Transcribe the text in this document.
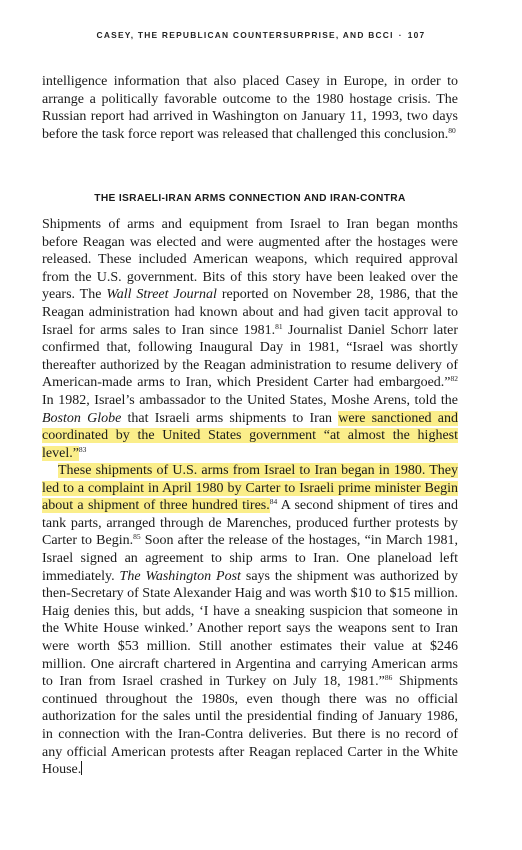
CASEY, THE REPUBLICAN COUNTERSURPRISE, AND BCCI · 107

intelligence information that also placed Casey in Europe, in order to arrange a politically favorable outcome to the 1980 hostage crisis. The Russian report had arrived in Washington on January 11, 1993, two days before the task force report was released that challenged this conclusion.$^{80}$

THE ISRAELI-IRAN ARMS CONNECTION AND IRAN-CONTRA

Shipments of arms and equipment from Israel to Iran began months before Reagan was elected and were augmented after the hostages were released. These included American weapons, which required approval from the U.S. government. Bits of this story have been leaked over the years. The Wall Street Journal reported on November 28, 1986, that the Reagan administration had known about and had given tacit approval to Israel for arms sales to Iran since 1981.81 Journalist Daniel Schorr later confirmed that, following Inaugural Day in 1981, “Israel was shortly thereafter authorized by the Reagan administration to resume delivery of American-made arms to Iran, which President Carter had embargoed.”$^{82}$ In 1982, Israel’s ambassador to the United States, Moshe Arens, told the Boston Globe that Israeli arms shipments to Iran were sanctioned and coordinated by the United States government “at almost the highest level.”$^{83}$

These shipments of U.S. arms from Israel to Iran began in 1980. They led to a complaint in April 1980 by Carter to Israeli prime minister Begin about a shipment of three hundred tires.$^{84}$ A second shipment of tires and tank parts, arranged through de Marenches, produced further protests by Carter to Begin.$^{85}$ Soon after the release of the hostages, “in March 1981, Israel signed an agreement to ship arms to Iran. One planeload left immediately. The Washington Post says the shipment was authorized by then-Secretary of State Alexander Haig and was worth $10 to $15 million. Haig denies this, but adds, ‘I have a sneaking suspicion that someone in the White House winked.’ Another report says the weapons sent to Iran were worth $53 million. Still another estimates their value at $246 million. One aircraft chartered in Argentina and carrying American arms to Iran from Israel crashed in Turkey on July 18, 1981.”$^{86}$ Shipments continued throughout the 1980s, even though there was no official authorization for the sales until the presidential finding of January 1986, in connection with the Iran-Contra deliveries. But there is no record of any official American protests after Reagan replaced Carter in the White House.
